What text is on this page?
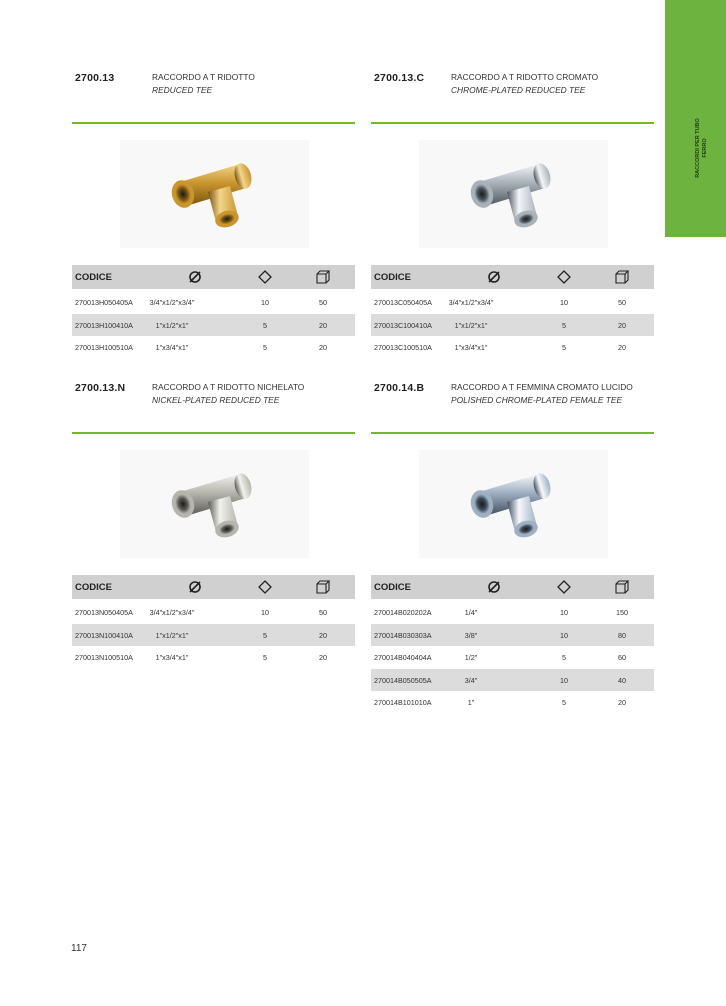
RACCORDI PER TUBO
FERRO
2700.13	RACCORDO A T RIDOTTO
REDUCED TEE
CODICE
270013H050405A	3/4"x1/2"x3/4"	10	50
270013H100410A	1"x1/2"x1"	5	20
270013H100510A	1"x3/4"x1"	5	20
2700.13.C	RACCORDO A T RIDOTTO CROMATO
CHROME-PLATED REDUCED TEE
CODICE
270013C050405A	3/4"x1/2"x3/4"	10	50
270013C100410A	1"x1/2"x1"	5	20
270013C100510A	1"x3/4"x1"	5	20
2700.13.N	RACCORDO A T RIDOTTO NICHELATO
NICKEL-PLATED REDUCED TEE
CODICE
270013N050405A	3/4"x1/2"x3/4"	10	50
270013N100410A	1"x1/2"x1"	5	20
270013N100510A	1"x3/4"x1"	5	20
2700.14.B	RACCORDO A T FEMMINA CROMATO LUCIDO
POLISHED CHROME-PLATED FEMALE TEE
CODICE
270014B020202A	1/4"	10	150
270014B030303A	3/8"	10	80
270014B040404A	1/2"	5	60
270014B050505A	3/4"	10	40
270014B101010A	1"	5	20
117
